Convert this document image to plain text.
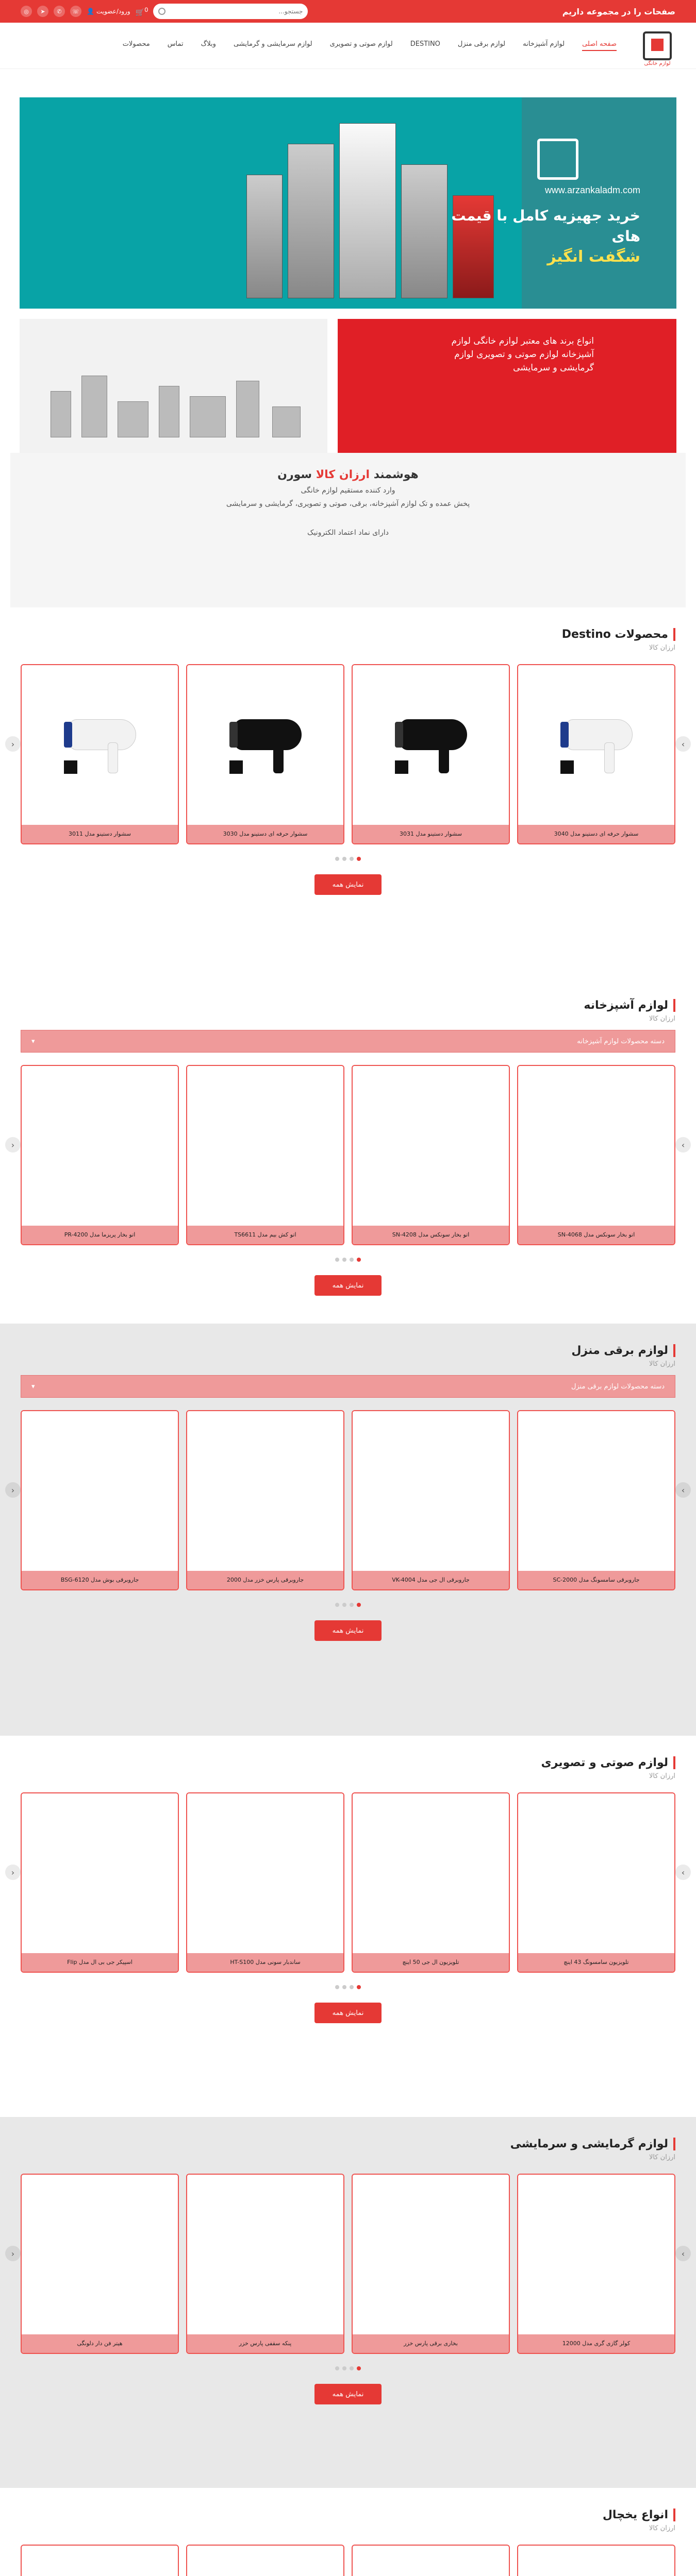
صفحات را در مجموعه داریم
◎	➤	✆	☏	👤 ورود/عضویت 🛒$^0$
جستجو...
لوازم خانگی
صفحه اصلی
لوازم آشپزخانه
لوازم برقی منزل
DESTINO
لوازم صوتی و تصویری
لوازم سرمایشی و گرمایشی
وبلاگ
تماس
محصولات
www.arzankaladm.com
خرید جهیزیه کامل با قیمت های
شگفت انگیز
انواع برند های معتبر لوازم خانگی لوازم آشپزخانه لوازم صوتی و تصویری لوازم گرمایشی و سرمایشی
هوشمند ارزان کالا سورن

وارد کننده مستقیم لوازم خانگی

پخش عمده و تک لوازم آشپزخانه، برقی، صوتی و تصویری، گرمایشی و سرمایشی

دارای نماد اعتماد الکترونیک

محصولات Destino
ارزان کالا
سشوار حرفه ای دستینو مدل 3040
سشوار دستینو مدل 3031
سشوار حرفه ای دستینو مدل 3030
سشوار دستینو مدل 3011
‹	›
نمایش همه
لوازم آشپزخانه
ارزان کالا
دسته محصولات لوازم آشپزخانه
▾
اتو بخار سونکس مدل SN-4068
اتو بخار سونکس مدل SN-4208
اتو کش بیم مدل TS6611
اتو بخار پریزما مدل PR-4200
‹	›
نمایش همه
لوازم برقی منزل
ارزان کالا
دسته محصولات لوازم برقی منزل
▾
جاروبرقی سامسونگ مدل SC-2000
جاروبرقی ال جی مدل VK-4004
جاروبرقی پارس خزر مدل 2000
جاروبرقی بوش مدل BSG-6120
‹	›
نمایش همه
لوازم صوتی و تصویری
ارزان کالا
تلویزیون سامسونگ 43 اینچ
تلویزیون ال جی 50 اینچ
ساندبار سونی مدل HT-S100
اسپیکر جی بی ال مدل Flip
‹	›
نمایش همه
لوازم گرمایشی و سرمایشی
ارزان کالا
کولر گازی گری مدل 12000
بخاری برقی پارس خزر
پنکه سقفی پارس خزر
هیتر فن دار دلونگی
‹	›
نمایش همه
انواع یخچال
ارزان کالا
